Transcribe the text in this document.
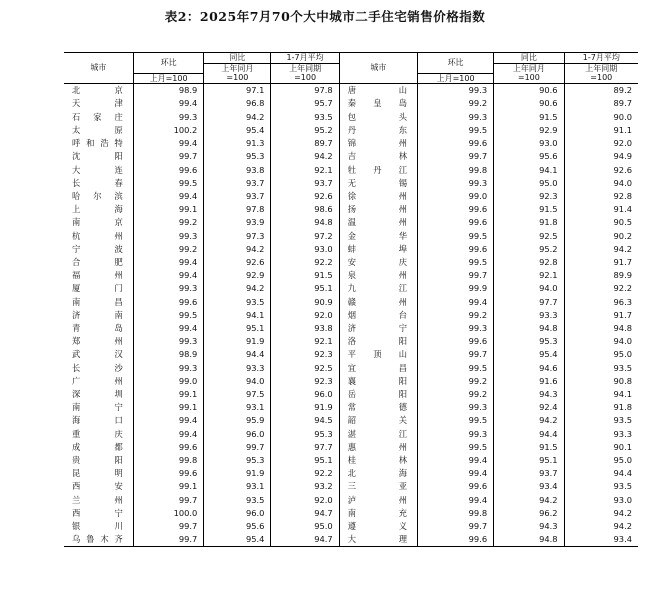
表2：2025年7月70个大中城市二手住宅销售价格指数
城市	环比	同比	1-7月平均	城市	环比	同比	1-7月平均
		上年同月	上年同期			上年同月	上年同期
	上月=100	=100	=100		上月=100	=100	=100
北 京	98.9	97.1	97.8	唐 山	99.3	90.6	89.2
天 津	99.4	96.8	95.7	秦 皇 岛	99.2	90.6	89.7
石 家 庄	99.3	94.2	93.5	包 头	99.3	91.5	90.0
太 原	100.2	95.4	95.2	丹 东	99.5	92.9	91.1
呼和浩特	99.4	91.3	89.7	锦 州	99.6	93.0	92.0
沈 阳	99.7	95.3	94.2	吉 林	99.7	95.6	94.9
大 连	99.6	93.8	92.1	牡 丹 江	99.8	94.1	92.6
长 春	99.5	93.7	93.7	无 锡	99.3	95.0	94.0
哈 尔 滨	99.4	93.7	92.6	徐 州	99.0	92.3	92.8
上 海	99.1	97.8	98.6	扬 州	99.6	91.5	91.4
南 京	99.2	93.9	94.8	温 州	99.6	91.8	90.5
杭 州	99.3	97.3	97.2	金 华	99.5	92.5	90.2
宁 波	99.2	94.2	93.0	蚌 埠	99.6	95.2	94.2
合 肥	99.4	92.6	92.2	安 庆	99.5	92.8	91.7
福 州	99.4	92.9	91.5	泉 州	99.7	92.1	89.9
厦 门	99.3	94.2	95.1	九 江	99.9	94.0	92.2
南 昌	99.6	93.5	90.9	赣 州	99.4	97.7	96.3
济 南	99.5	94.1	92.0	烟 台	99.2	93.3	91.7
青 岛	99.4	95.1	93.8	济 宁	99.3	94.8	94.8
郑 州	99.3	91.9	92.1	洛 阳	99.6	95.3	94.0
武 汉	98.9	94.4	92.3	平 顶 山	99.7	95.4	95.0
长 沙	99.3	93.3	92.5	宜 昌	99.5	94.6	93.5
广 州	99.0	94.0	92.3	襄 阳	99.2	91.6	90.8
深 圳	99.1	97.5	96.0	岳 阳	99.2	94.3	94.1
南 宁	99.1	93.1	91.9	常 德	99.3	92.4	91.8
海 口	99.4	95.9	94.5	韶 关	99.5	94.2	93.5
重 庆	99.4	96.0	95.3	湛 江	99.3	94.4	93.3
成 都	99.6	99.7	97.7	惠 州	99.5	91.5	90.1
贵 阳	99.8	95.3	95.1	桂 林	99.4	95.1	95.0
昆 明	99.6	91.9	92.2	北 海	99.4	93.7	94.4
西 安	99.1	93.1	93.2	三 亚	99.6	93.4	93.5
兰 州	99.7	93.5	92.0	泸 州	99.4	94.2	93.0
西 宁	100.0	96.0	94.7	南 充	99.8	96.2	94.2
银 川	99.7	95.6	95.0	遵 义	99.7	94.3	94.2
乌鲁木齐	99.7	95.4	94.7	大 理	99.6	94.8	93.4
